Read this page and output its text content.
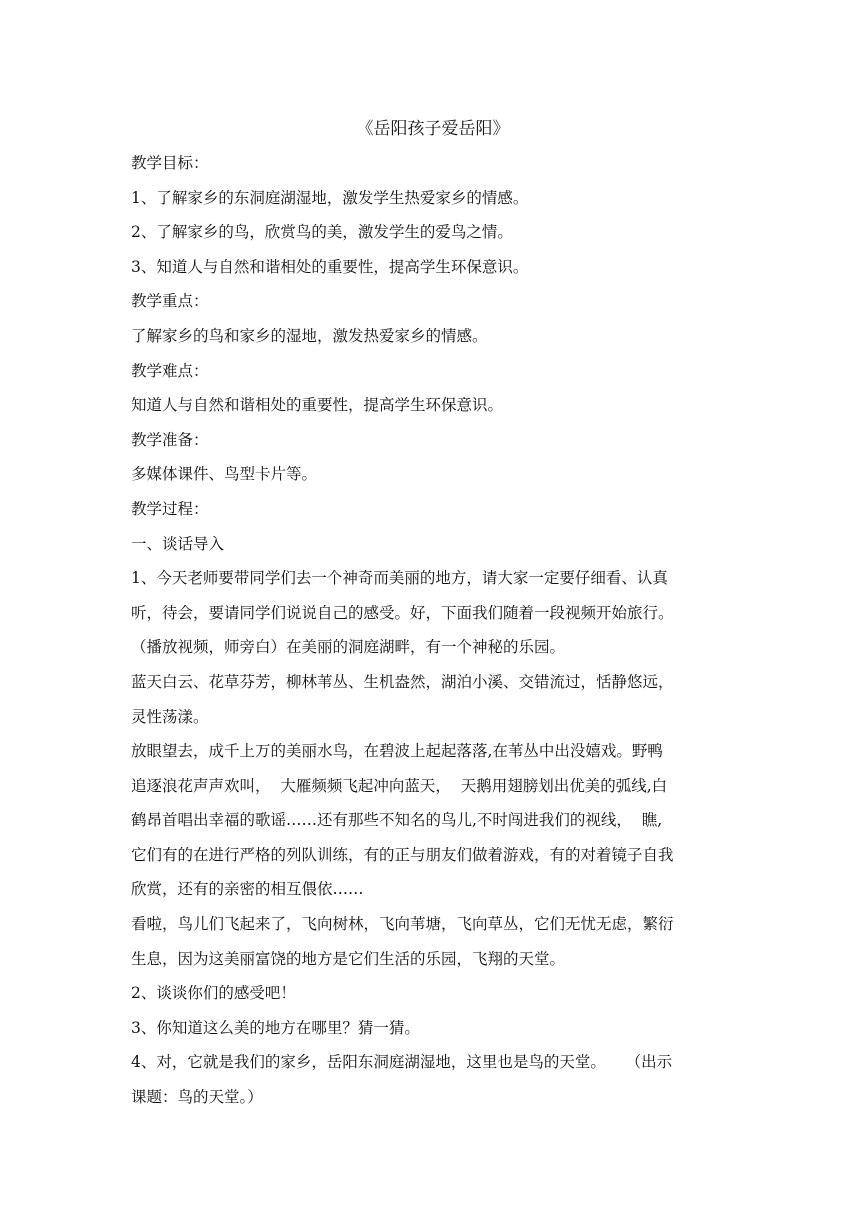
《岳阳孩子爱岳阳》

教学目标：

1、了解家乡的东洞庭湖湿地，激发学生热爱家乡的情感。

2、了解家乡的鸟，欣赏鸟的美，激发学生的爱鸟之情。

3、知道人与自然和谐相处的重要性，提高学生环保意识。

教学重点：

了解家乡的鸟和家乡的湿地，激发热爱家乡的情感。

教学难点：

知道人与自然和谐相处的重要性，提高学生环保意识。

教学准备：

多媒体课件、鸟型卡片等。

教学过程：

一、谈话导入

1、今天老师要带同学们去一个神奇而美丽的地方，请大家一定要仔细看、认真

听，待会，要请同学们说说自己的感受。好，下面我们随着一段视频开始旅行。

（播放视频，师旁白）在美丽的洞庭湖畔，有一个神秘的乐园。

蓝天白云、花草芬芳，柳林苇丛、生机盎然，湖泊小溪、交错流过，恬静悠远，

灵性荡漾。

放眼望去，成千上万的美丽水鸟，在碧波上起起落落,在苇丛中出没嬉戏。野鸭

追逐浪花声声欢叫，  大雁频频飞起冲向蓝天，  天鹅用翅膀划出优美的弧线,白

鹤昂首唱出幸福的歌谣……还有那些不知名的鸟儿,不时闯进我们的视线，  瞧,

它们有的在进行严格的列队训练，有的正与朋友们做着游戏，有的对着镜子自我

欣赏，还有的亲密的相互偎依……

看啦，鸟儿们飞起来了，飞向树林，飞向苇塘，飞向草丛，它们无忧无虑，繁衍

生息，因为这美丽富饶的地方是它们生活的乐园，飞翔的天堂。

2、谈谈你们的感受吧！

3、你知道这么美的地方在哪里？猜一猜。

4、对，它就是我们的家乡，岳阳东洞庭湖湿地，这里也是鸟的天堂。    （出示

课题：鸟的天堂。）
